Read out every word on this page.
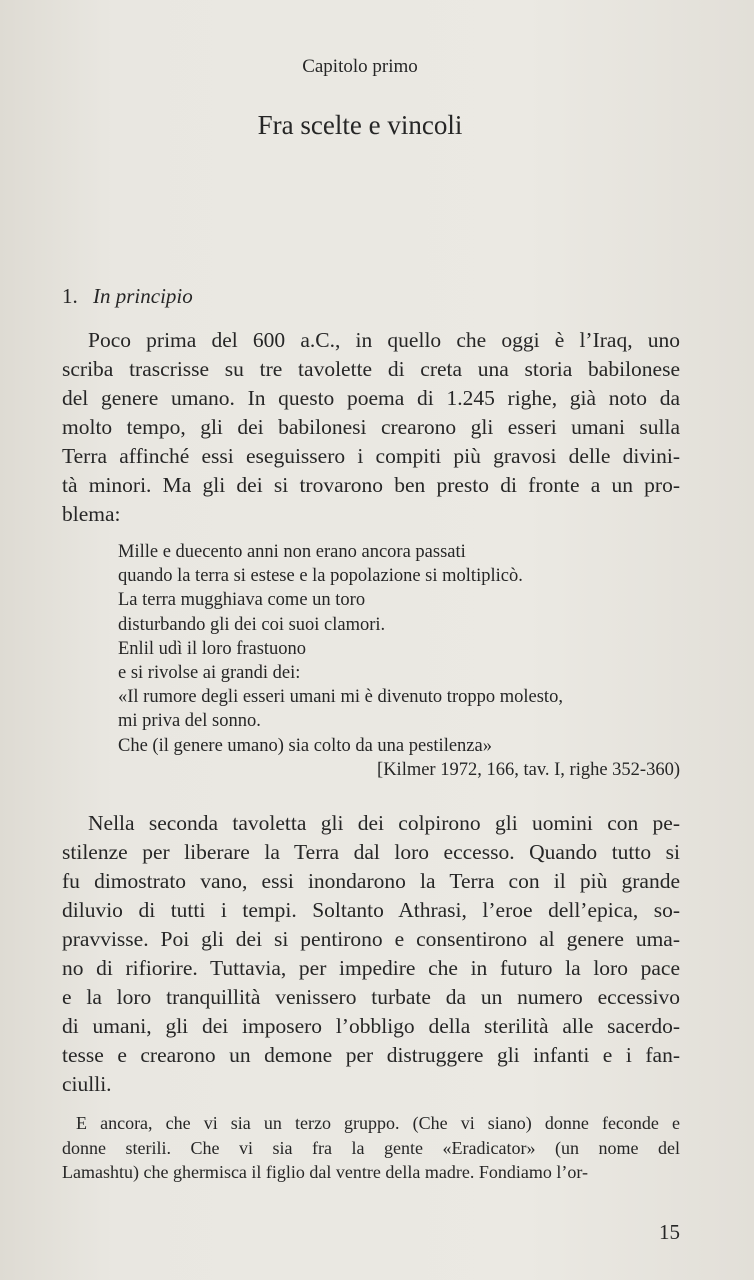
Capitolo primo
Fra scelte e vincoli
1. In principio
Poco prima del 600 a.C., in quello che oggi è l’Iraq, uno
scriba trascrisse su tre tavolette di creta una storia babilonese
del genere umano. In questo poema di 1.245 righe, già noto da
molto tempo, gli dei babilonesi crearono gli esseri umani sulla
Terra affinché essi eseguissero i compiti più gravosi delle divini-
tà minori. Ma gli dei si trovarono ben presto di fronte a un pro-
blema:
Mille e duecento anni non erano ancora passati
quando la terra si estese e la popolazione si moltiplicò.
La terra mugghiava come un toro
disturbando gli dei coi suoi clamori.
Enlil udì il loro frastuono
e si rivolse ai grandi dei:
«Il rumore degli esseri umani mi è divenuto troppo molesto,
mi priva del sonno.
Che (il genere umano) sia colto da una pestilenza»
[Kilmer 1972, 166, tav. I, righe 352-360)
Nella seconda tavoletta gli dei colpirono gli uomini con pe-
stilenze per liberare la Terra dal loro eccesso. Quando tutto si
fu dimostrato vano, essi inondarono la Terra con il più grande
diluvio di tutti i tempi. Soltanto Athrasi, l’eroe dell’epica, so-
pravvisse. Poi gli dei si pentirono e consentirono al genere uma-
no di rifiorire. Tuttavia, per impedire che in futuro la loro pace
e la loro tranquillità venissero turbate da un numero eccessivo
di umani, gli dei imposero l’obbligo della sterilità alle sacerdo-
tesse e crearono un demone per distruggere gli infanti e i fan-
ciulli.
E ancora, che vi sia un terzo gruppo. (Che vi siano) donne feconde e
donne sterili. Che vi sia fra la gente «Eradicator» (un nome del
Lamashtu) che ghermisca il figlio dal ventre della madre. Fondiamo l’or-
15
